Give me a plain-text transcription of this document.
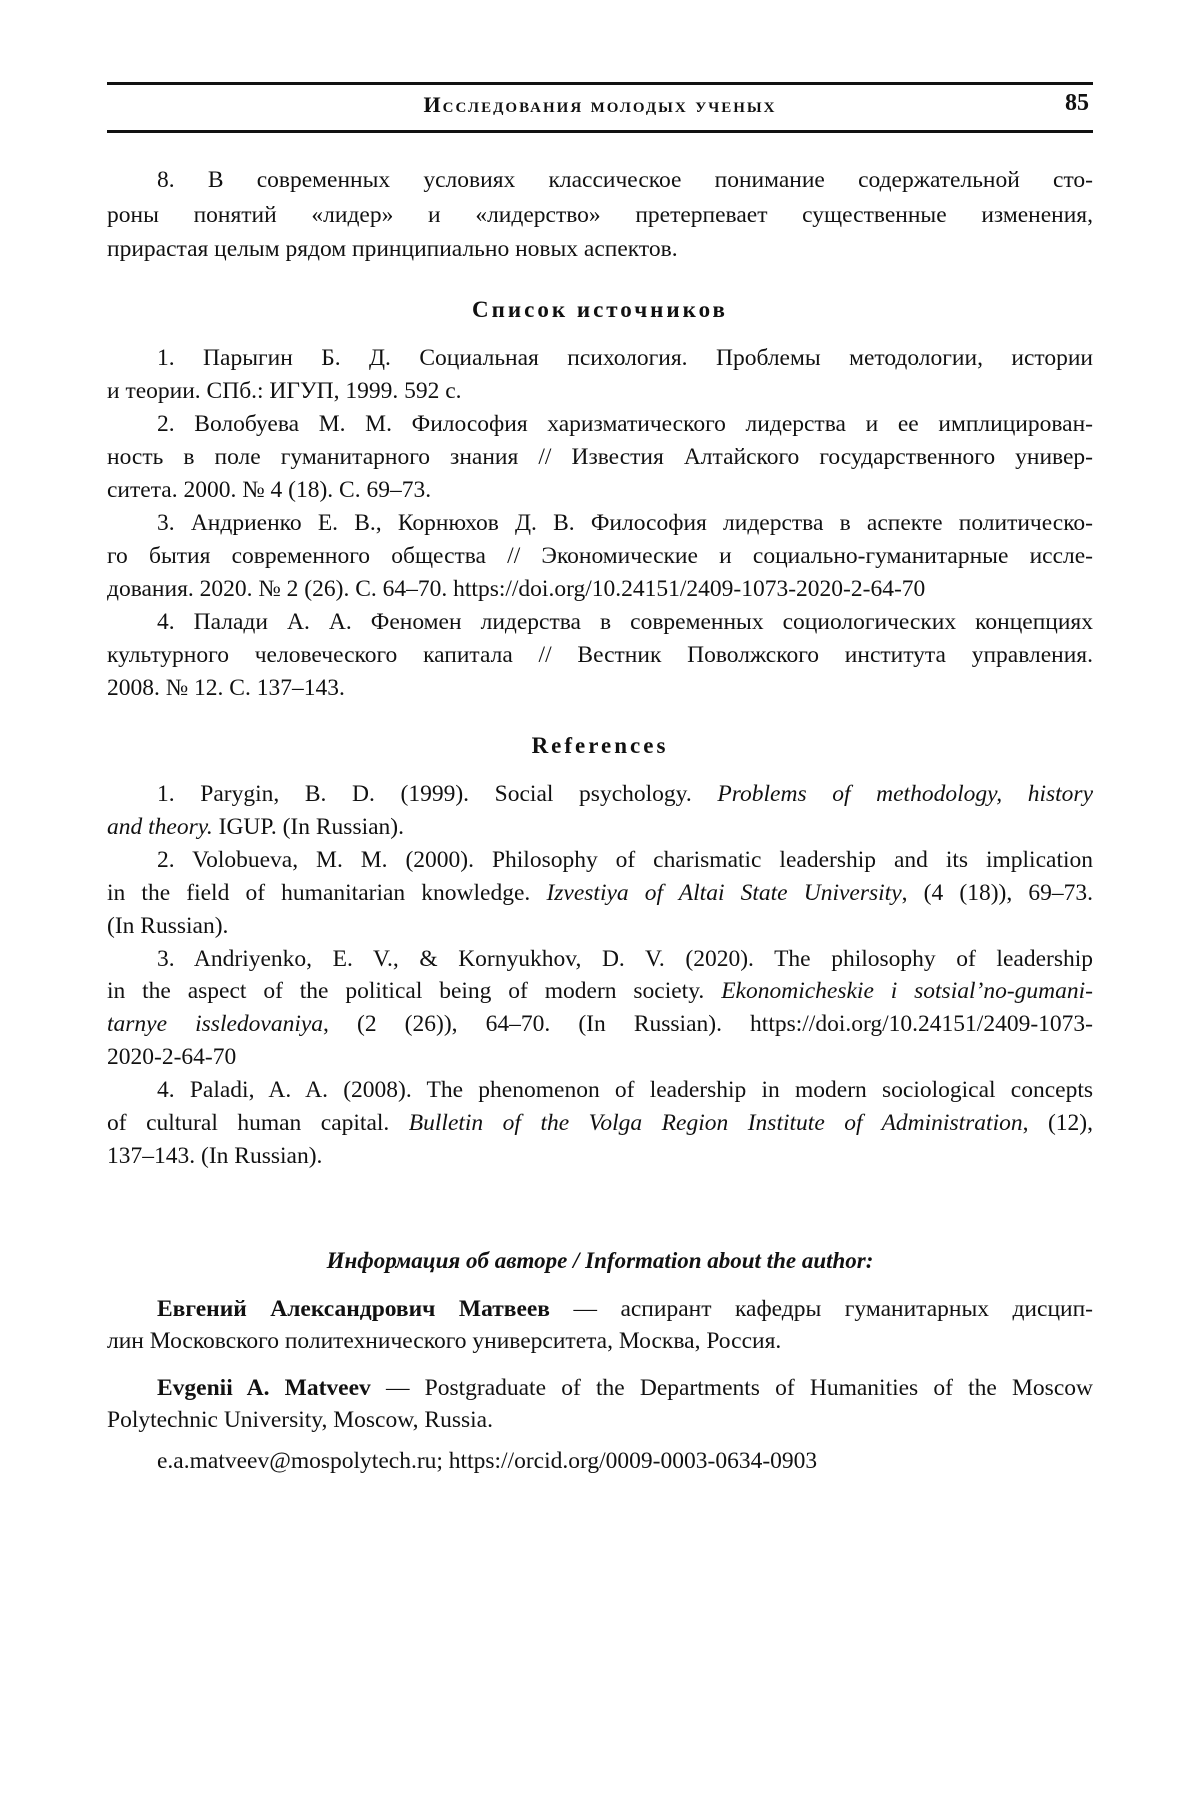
Исследования молодых ученых	85
8. В современных условиях классическое понимание содержательной сто-
роны понятий «лидер» и «лидерство» претерпевает существенные изменения,
прирастая целым рядом принципиально новых аспектов.
Список источников
1. Парыгин Б. Д. Социальная психология. Проблемы методологии, истории
и теории. СПб.: ИГУП, 1999. 592 с.
2. Волобуева М. М. Философия харизматического лидерства и ее имплицирован-
ность в поле гуманитарного знания // Известия Алтайского государственного универ-
ситета. 2000. № 4 (18). С. 69–73.
3. Андриенко Е. В., Корнюхов Д. В. Философия лидерства в аспекте политическо-
го бытия современного общества // Экономические и социально-гуманитарные иссле-
дования. 2020. № 2 (26). С. 64–70. https://doi.org/10.24151/2409-1073-2020-2-64-70
4. Палади А. А. Феномен лидерства в современных социологических концепциях
культурного человеческого капитала // Вестник Поволжского института управления.
2008. № 12. С. 137–143.
References
1. Parygin, B. D. (1999). Social psychology. Problems of methodology, history
and theory. IGUP. (In Russian).
2. Volobueva, M. M. (2000). Philosophy of charismatic leadership and its implication
in the field of humanitarian knowledge. Izvestiya of Altai State University, (4 (18)), 69–73.
(In Russian).
3. Andriyenko, E. V., & Kornyukhov, D. V. (2020). The philosophy of leadership
in the aspect of the political being of modern society. Ekonomicheskie i sotsial’no-gumani-
tarnye issledovaniya, (2 (26)), 64–70. (In Russian). https://doi.org/10.24151/2409-1073-
2020-2-64-70
4. Paladi, A. A. (2008). The phenomenon of leadership in modern sociological concepts
of cultural human capital. Bulletin of the Volga Region Institute of Administration, (12),
137–143. (In Russian).
Информация об авторе / Information about the author:
Евгений Александрович Матвеев — аспирант кафедры гуманитарных дисцип-
лин Московского политехнического университета, Москва, Россия.
Evgenii A. Matveev — Postgraduate of the Departments of Humanities of the Moscow
Polytechnic University, Moscow, Russia.
e.a.matveev@mospolytech.ru; https://orcid.org/0009-0003-0634-0903
